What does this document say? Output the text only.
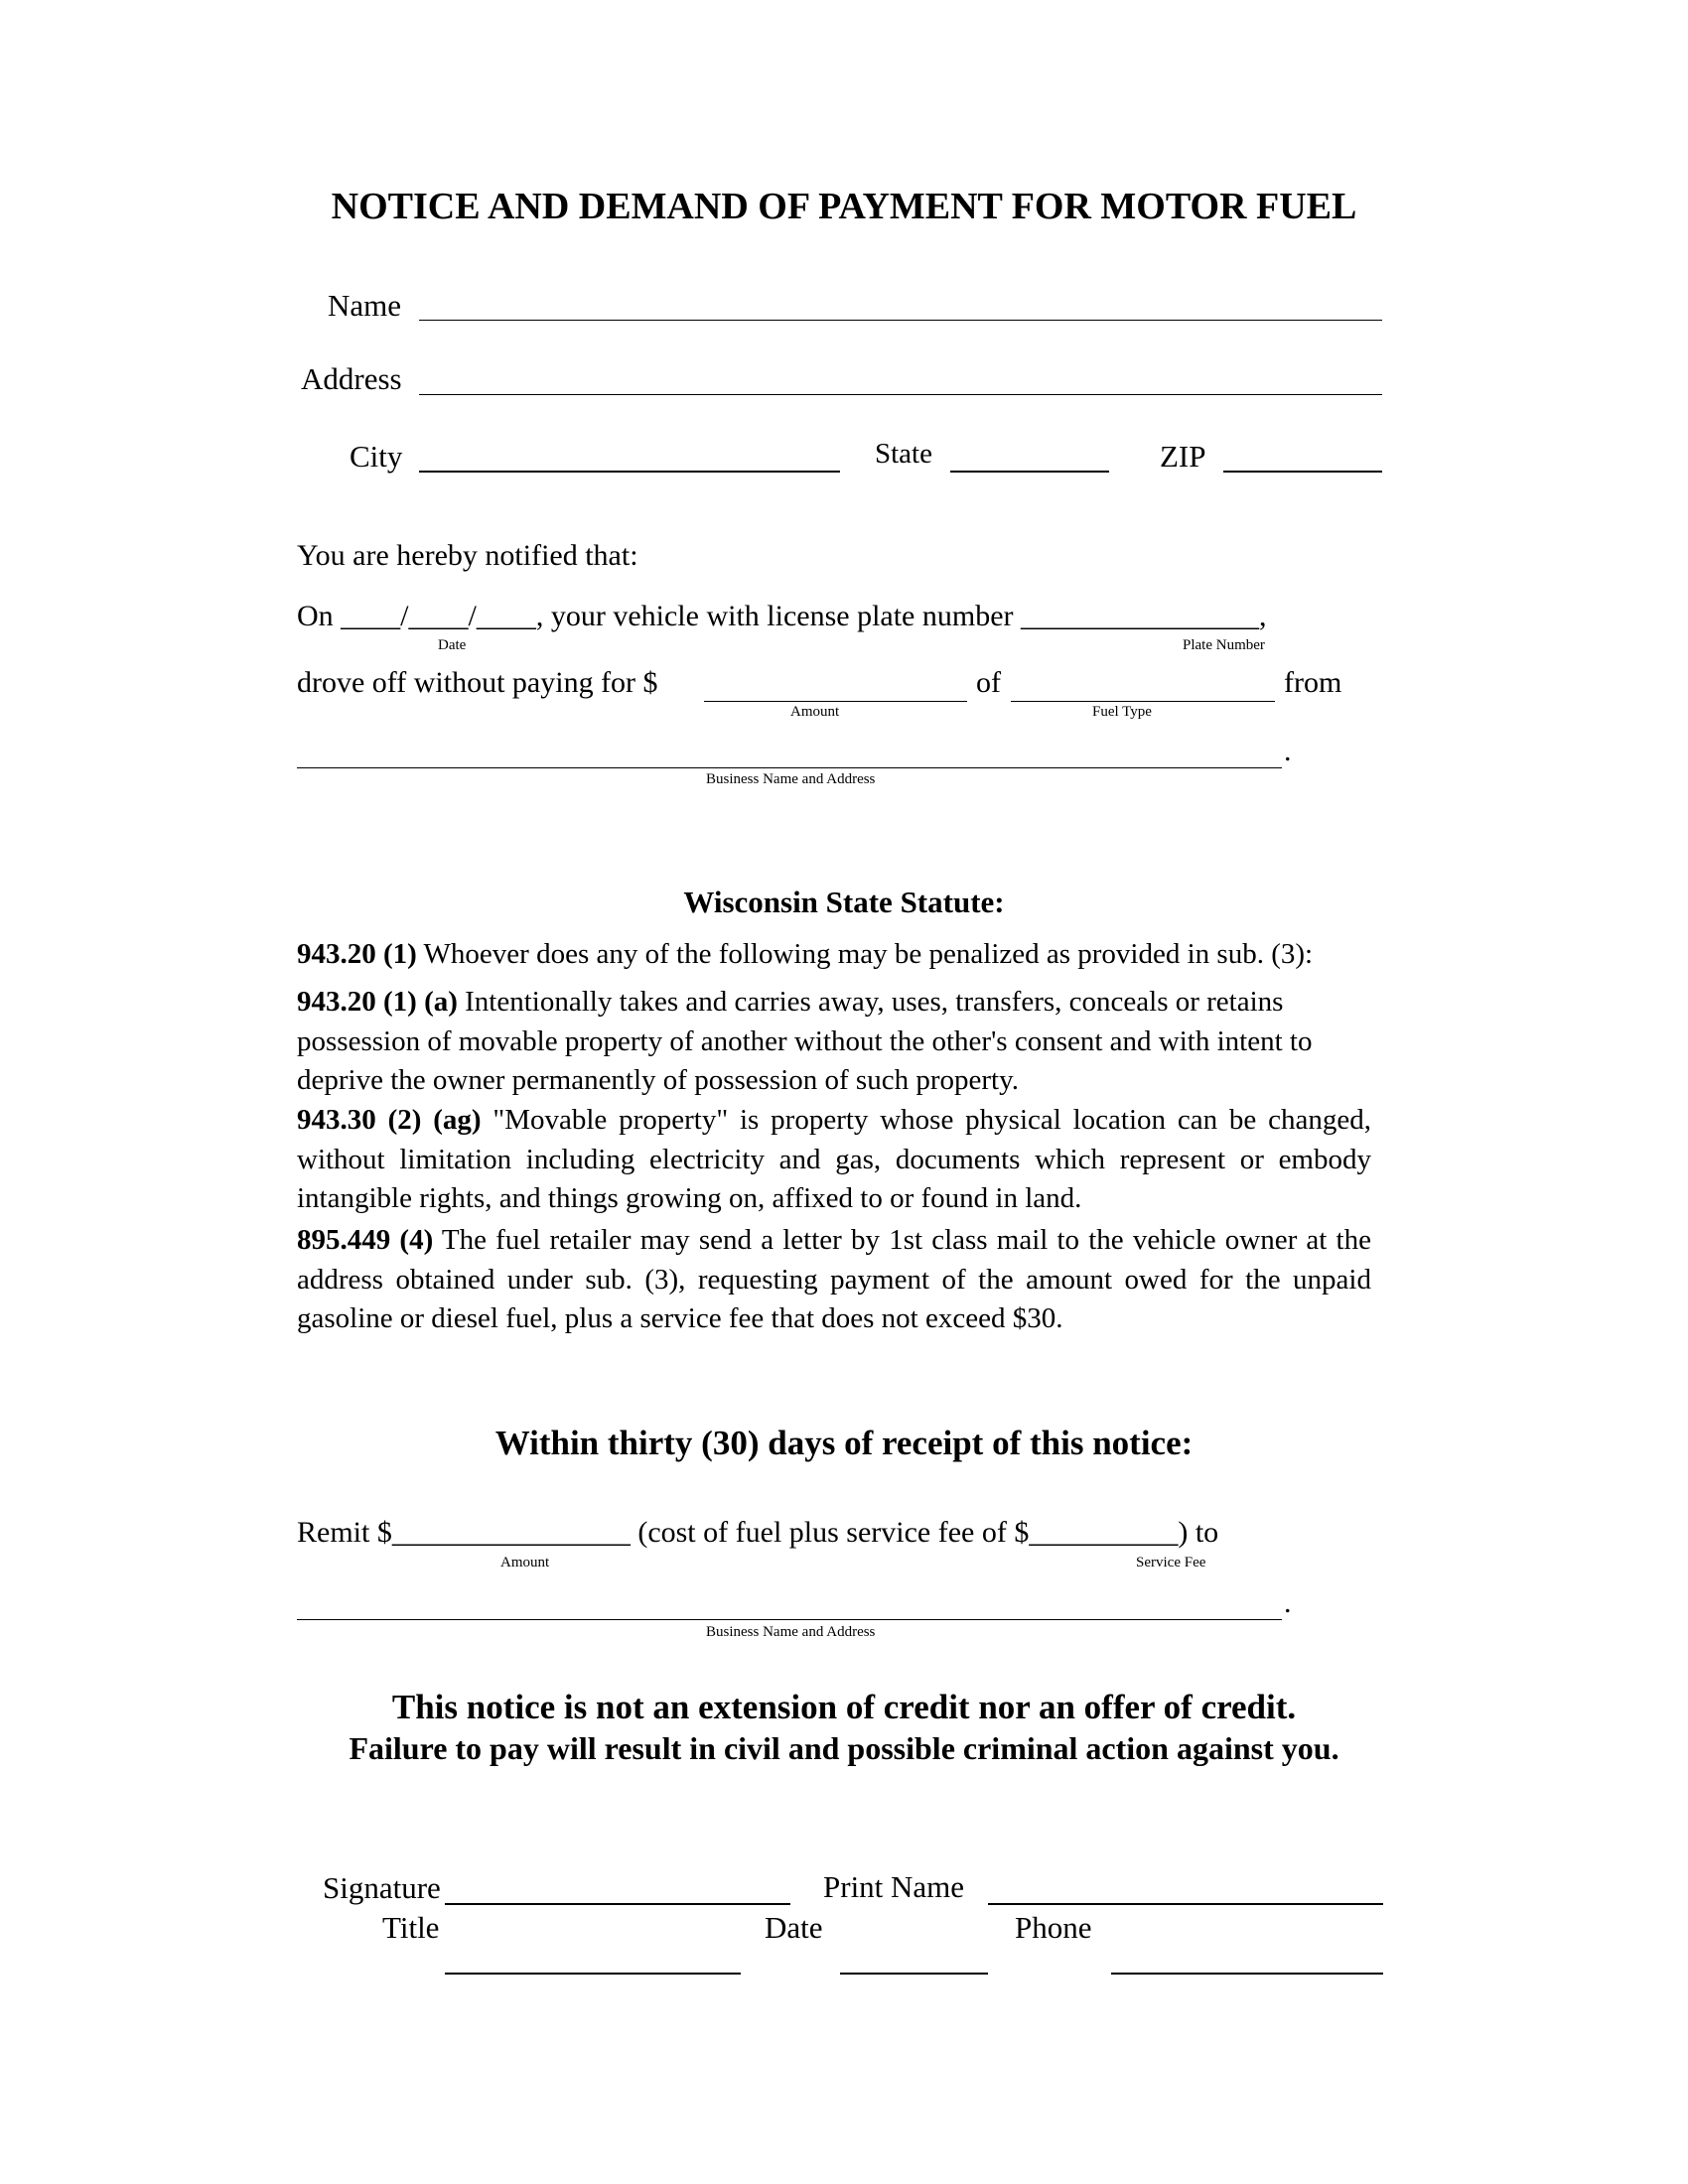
NOTICE AND DEMAND OF PAYMENT FOR MOTOR FUEL
Name
Address
City	State	ZIP
You are hereby notified that:
On ____/____/____, your vehicle with license plate number ________________,
Date	Plate Number
drove off without paying for $	of	from
Amount	Fuel Type
.
Business Name and Address
Wisconsin State Statute:
943.20 (1) Whoever does any of the following may be penalized as provided in sub. (3):
943.20 (1) (a) Intentionally takes and carries away, uses, transfers, conceals or retains possession of movable property of another without the other's consent and with intent to deprive the owner permanently of possession of such property.
943.30 (2) (ag) "Movable property" is property whose physical location can be changed, without limitation including electricity and gas, documents which represent or embody intangible rights, and things growing on, affixed to or found in land.
895.449 (4) The fuel retailer may send a letter by 1st class mail to the vehicle owner at the address obtained under sub. (3), requesting payment of the amount owed for the unpaid gasoline or diesel fuel, plus a service fee that does not exceed $30.
Within thirty (30) days of receipt of this notice:
Remit $________________ (cost of fuel plus service fee of $__________) to
Amount	Service Fee
.
Business Name and Address
This notice is not an extension of credit nor an offer of credit.
Failure to pay will result in civil and possible criminal action against you.
Signature	Print Name
Title	Date	Phone
